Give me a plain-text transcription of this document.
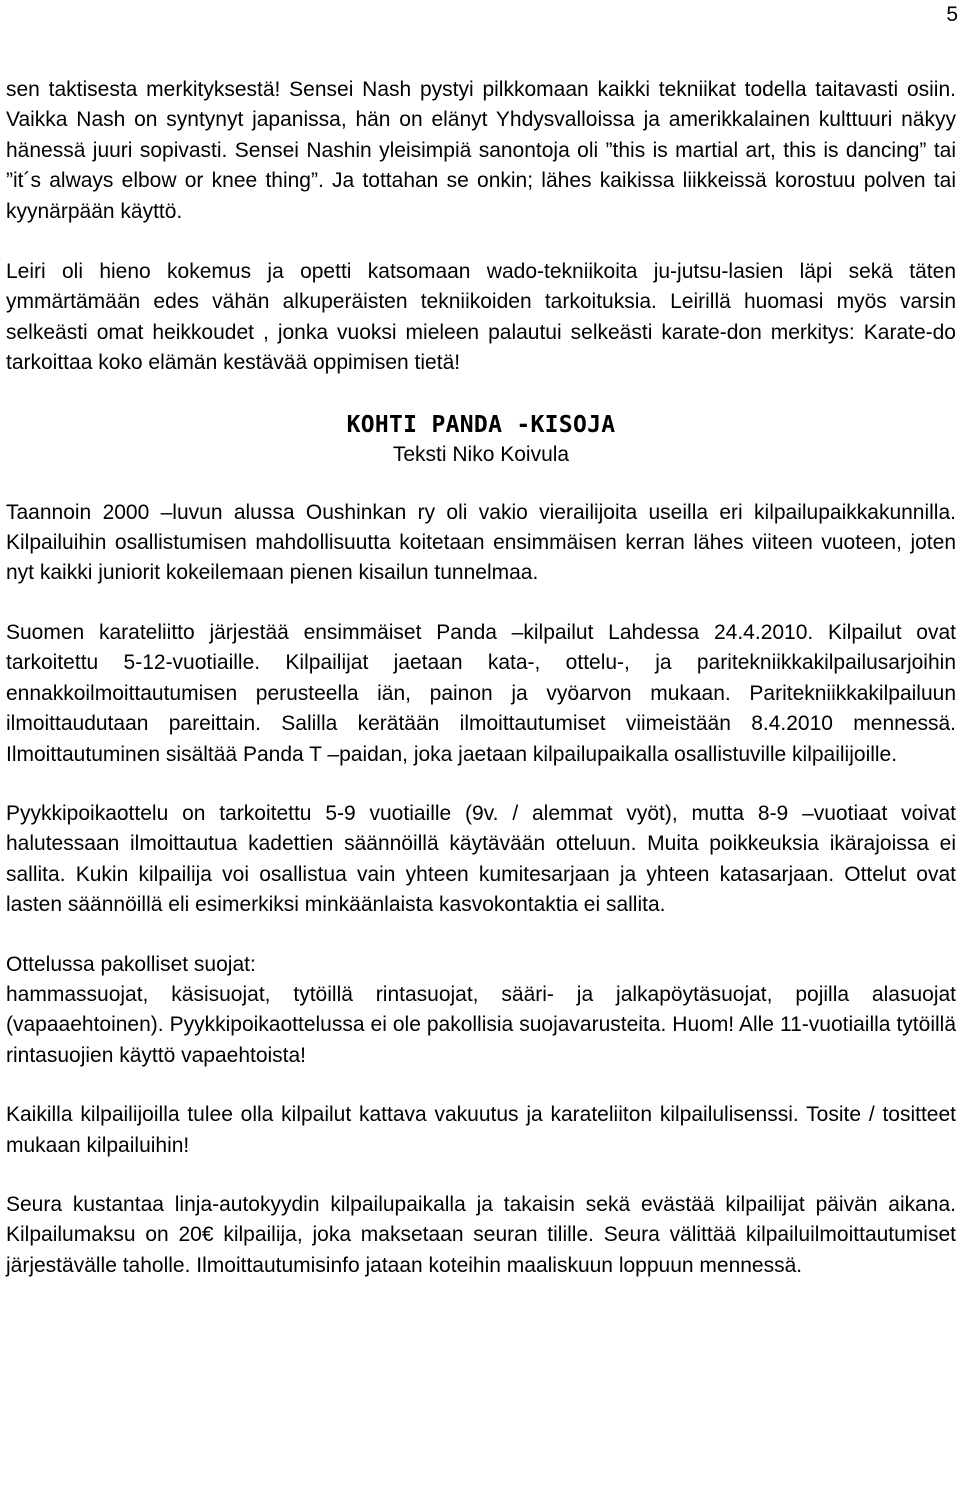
5

sen taktisesta merkityksestä! Sensei Nash pystyi pilkkomaan kaikki tekniikat todella taitavasti osiin. Vaikka Nash on syntynyt japanissa, hän on elänyt Yhdysvalloissa ja amerikkalainen kulttuuri näkyy hänessä juuri sopivasti. Sensei Nashin yleisimpiä sanontoja oli ”this is martial art, this is dancing” tai ”it´s always elbow or knee thing”. Ja tottahan se onkin; lähes kaikissa liikkeissä korostuu polven tai kyynärpään käyttö.

Leiri oli hieno kokemus ja opetti katsomaan wado-tekniikoita ju-jutsu-lasien läpi sekä täten ymmärtämään edes vähän alkuperäisten tekniikoiden tarkoituksia. Leirillä huomasi myös varsin selkeästi omat heikkoudet , jonka vuoksi mieleen palautui selkeästi karate-don merkitys: Karate-do tarkoittaa koko elämän kestävää oppimisen tietä!

KOHTI PANDA -KISOJA
Teksti Niko Koivula

Taannoin 2000 –luvun alussa Oushinkan ry oli vakio vierailijoita useilla eri kilpailupaikkakunnilla. Kilpailuihin osallistumisen mahdollisuutta koitetaan ensimmäisen kerran lähes viiteen vuoteen, joten nyt kaikki juniorit kokeilemaan pienen kisailun tunnelmaa.

Suomen karateliitto järjestää ensimmäiset Panda –kilpailut Lahdessa 24.4.2010. Kilpailut ovat tarkoitettu 5-12-vuotiaille. Kilpailijat jaetaan kata-, ottelu-, ja paritekniikkakilpailusarjoihin ennakkoilmoittautumisen perusteella iän, painon ja vyöarvon mukaan. Paritekniikkakilpailuun ilmoittaudutaan pareittain. Salilla kerätään ilmoittautumiset viimeistään 8.4.2010 mennessä. Ilmoittautuminen sisältää Panda T –paidan, joka jaetaan kilpailupaikalla osallistuville kilpailijoille.

Pyykkipoikaottelu on tarkoitettu 5-9 vuotiaille (9v. / alemmat vyöt), mutta 8-9 –vuotiaat voivat halutessaan ilmoittautua kadettien säännöillä käytävään otteluun. Muita poikkeuksia ikärajoissa ei sallita. Kukin kilpailija voi osallistua vain yhteen kumitesarjaan ja yhteen katasarjaan. Ottelut ovat lasten säännöillä eli esimerkiksi minkäänlaista kasvokontaktia ei sallita.

Ottelussa pakolliset suojat:

hammassuojat, käsisuojat, tytöillä rintasuojat, sääri- ja jalkapöytäsuojat, pojilla alasuojat (vapaaehtoinen). Pyykkipoikaottelussa ei ole pakollisia suojavarusteita. Huom! Alle 11-vuotiailla tytöillä rintasuojien käyttö vapaehtoista!

Kaikilla kilpailijoilla tulee olla kilpailut kattava vakuutus ja karateliiton kilpailulisenssi. Tosite / tositteet mukaan kilpailuihin!

Seura kustantaa linja-autokyydin kilpailupaikalla ja takaisin sekä evästää kilpailijat päivän aikana. Kilpailumaksu on 20€ kilpailija, joka maksetaan seuran tilille. Seura välittää kilpailuilmoittautumiset järjestävälle taholle. Ilmoittautumisinfo jataan koteihin maaliskuun loppuun mennessä.
